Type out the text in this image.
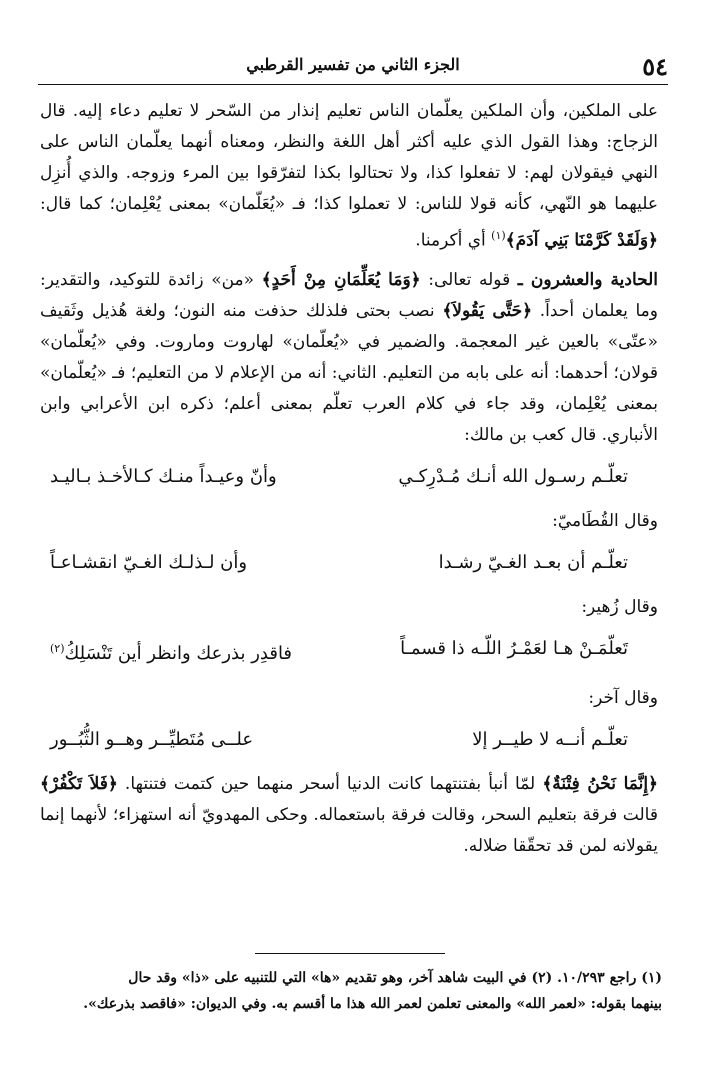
٥٤
الجزء الثاني من تفسير القرطبي

على الملكين، وأن الملكين يعلّمان الناس تعليم إنذار من السّحر لا تعليم دعاء إليه. قال الزجاج: وهذا القول الذي عليه أكثر أهل اللغة والنظر، ومعناه أنهما يعلّمان الناس على النهي فيقولان لهم: لا تفعلوا كذا، ولا تحتالوا بكذا لتفرّقوا بين المرء وزوجه. والذي أُنزِل عليهما هو النّهي، كأنه قولا للناس: لا تعملوا كذا؛ فـ «يُعَلّمان» بمعنى يُعْلِمان؛ كما قال: ﴿وَلَقَدْ كَرَّمْنَا بَنِي آدَمَ﴾$^{(١)}$ أي أكرمنا.

الحادية والعشرون ـ قوله تعالى: ﴿وَمَا يُعَلِّمَانِ مِنْ أَحَدٍ﴾ «من» زائدة للتوكيد، والتقدير: وما يعلمان أحداً. ﴿حَتَّى يَقُولاَ﴾ نصب بحتى فلذلك حذفت منه النون؛ ولغة هُذيل وثَقيف «عتّى» بالعين غير المعجمة. والضمير في «يُعلّمان» لهاروت وماروت. وفي «يُعلّمان» قولان؛ أحدهما: أنه على بابه من التعليم. الثاني: أنه من الإعلام لا من التعليم؛ فـ «يُعلّمان» بمعنى يُعْلِمان، وقد جاء في كلام العرب تعلّم بمعنى أعلم؛ ذكره ابن الأعرابي وابن الأنباري. قال كعب بن مالك:

تعلّـم رسـول الله أنـك مُـدْرِكـي
وأنّ وعيـداً منـك كـالأخـذ بـاليـد
وقال القُطَاميّ:
تعلّـم أن بعـد الغـيّ رشـدا
وأن لـذلـك الغـيّ انقشـاعـاً
وقال زُهير:
تَعلّمَـنْ هـا لعَمْـرُ اللّـه ذا قسمـاً
فاقدِر بذرعك وانظر أين تَنْسَلِكُ$^{(٢)}$
وقال آخر:
تعلّـم أنــه لا طيــر إلا
علــى مُتَطيِّــر وهــو الثُّبُــور

﴿إِنَّمَا نَحْنُ فِتْنَةٌ﴾ لمّا أنبأ بفتنتهما كانت الدنيا أسحر منهما حين كتمت فتنتها. ﴿فَلاَ تَكْفُرْ﴾ قالت فرقة بتعليم السحر، وقالت فرقة باستعماله. وحكى المهدويّ أنه استهزاء؛ لأنهما إنما يقولانه لمن قد تحقّقا ضلاله.

(١) راجع ١٠/٢٩٣. (٢) في البيت شاهد آخر، وهو تقديم «ها» التي للتنبيه على «ذا» وقد حال

بينهما بقوله: «لعمر الله» والمعنى تعلمن لعمر الله هذا ما أقسم به. وفي الديوان: «فاقصد بذرعك».
